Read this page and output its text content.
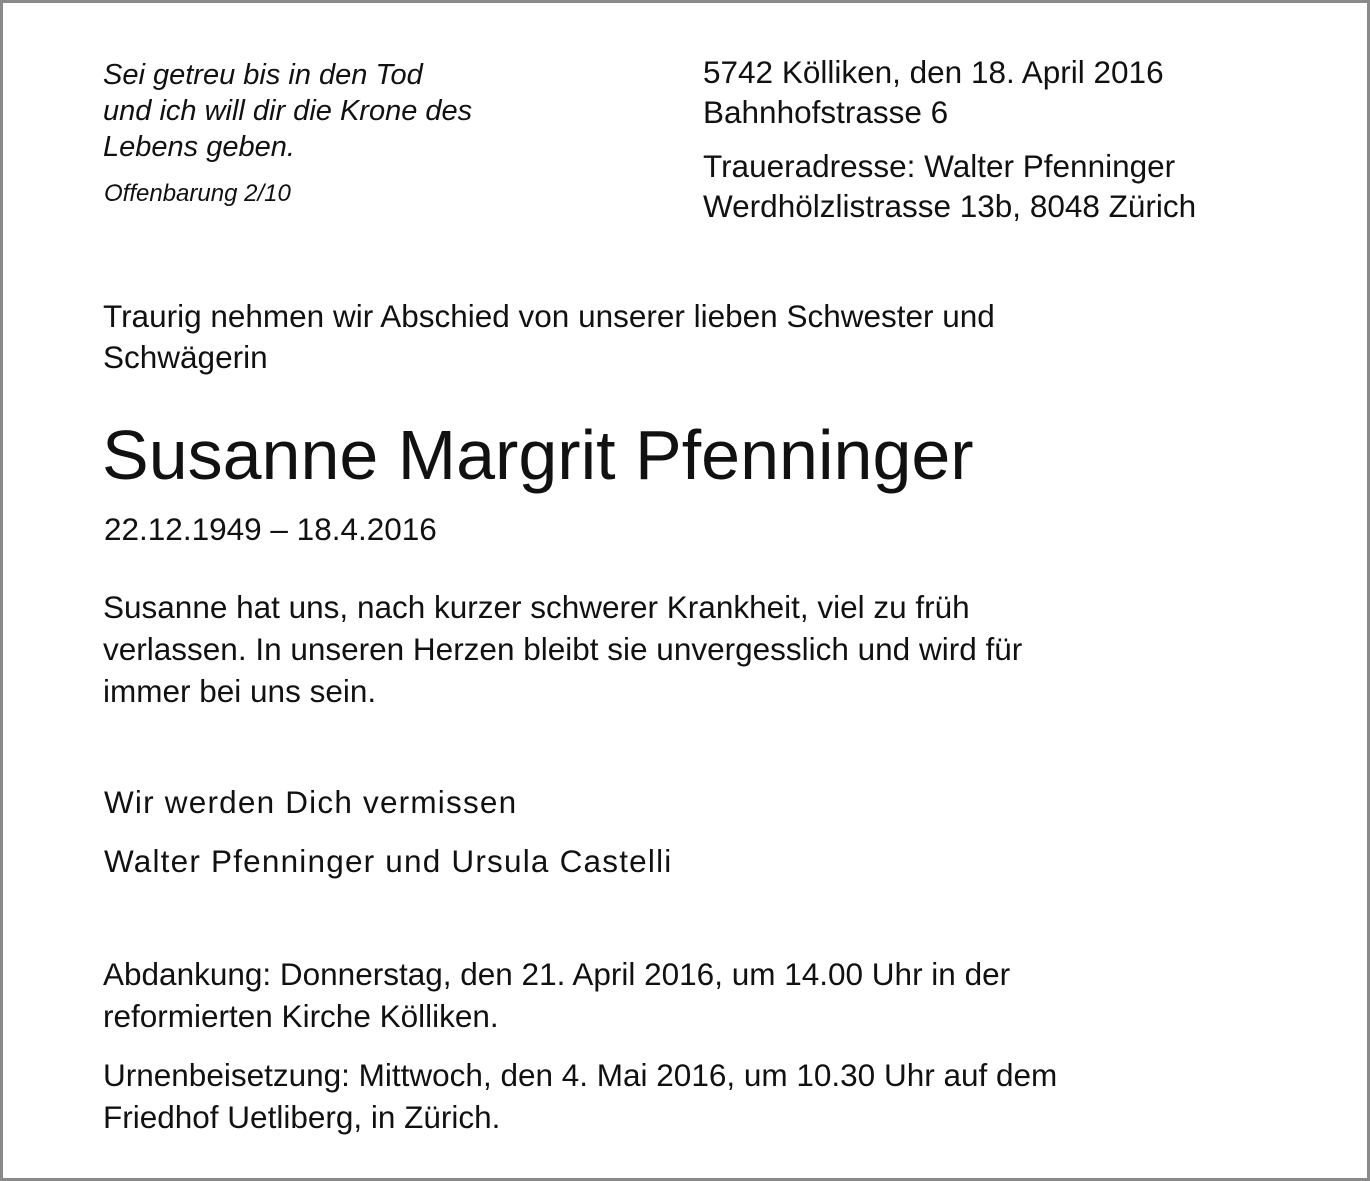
Sei getreu bis in den Tod
und ich will dir die Krone des
Lebens geben.
Offenbarung 2/10
5742 Kölliken, den 18. April 2016
Bahnhofstrasse 6
Traueradresse: Walter Pfenninger
Werdhölzlistrasse 13b, 8048 Zürich
Traurig nehmen wir Abschied von unserer lieben Schwester und
Schwägerin
Susanne Margrit Pfenninger
22.12.1949 – 18.4.2016
Susanne hat uns, nach kurzer schwerer Krankheit, viel zu früh
verlassen. In unseren Herzen bleibt sie unvergesslich und wird für
immer bei uns sein.
Wir werden Dich vermissen
Walter Pfenninger und Ursula Castelli
Abdankung: Donnerstag, den 21. April 2016, um 14.00 Uhr in der
reformierten Kirche Kölliken.
Urnenbeisetzung: Mittwoch, den 4. Mai 2016, um 10.30 Uhr auf dem
Friedhof Uetliberg, in Zürich.
